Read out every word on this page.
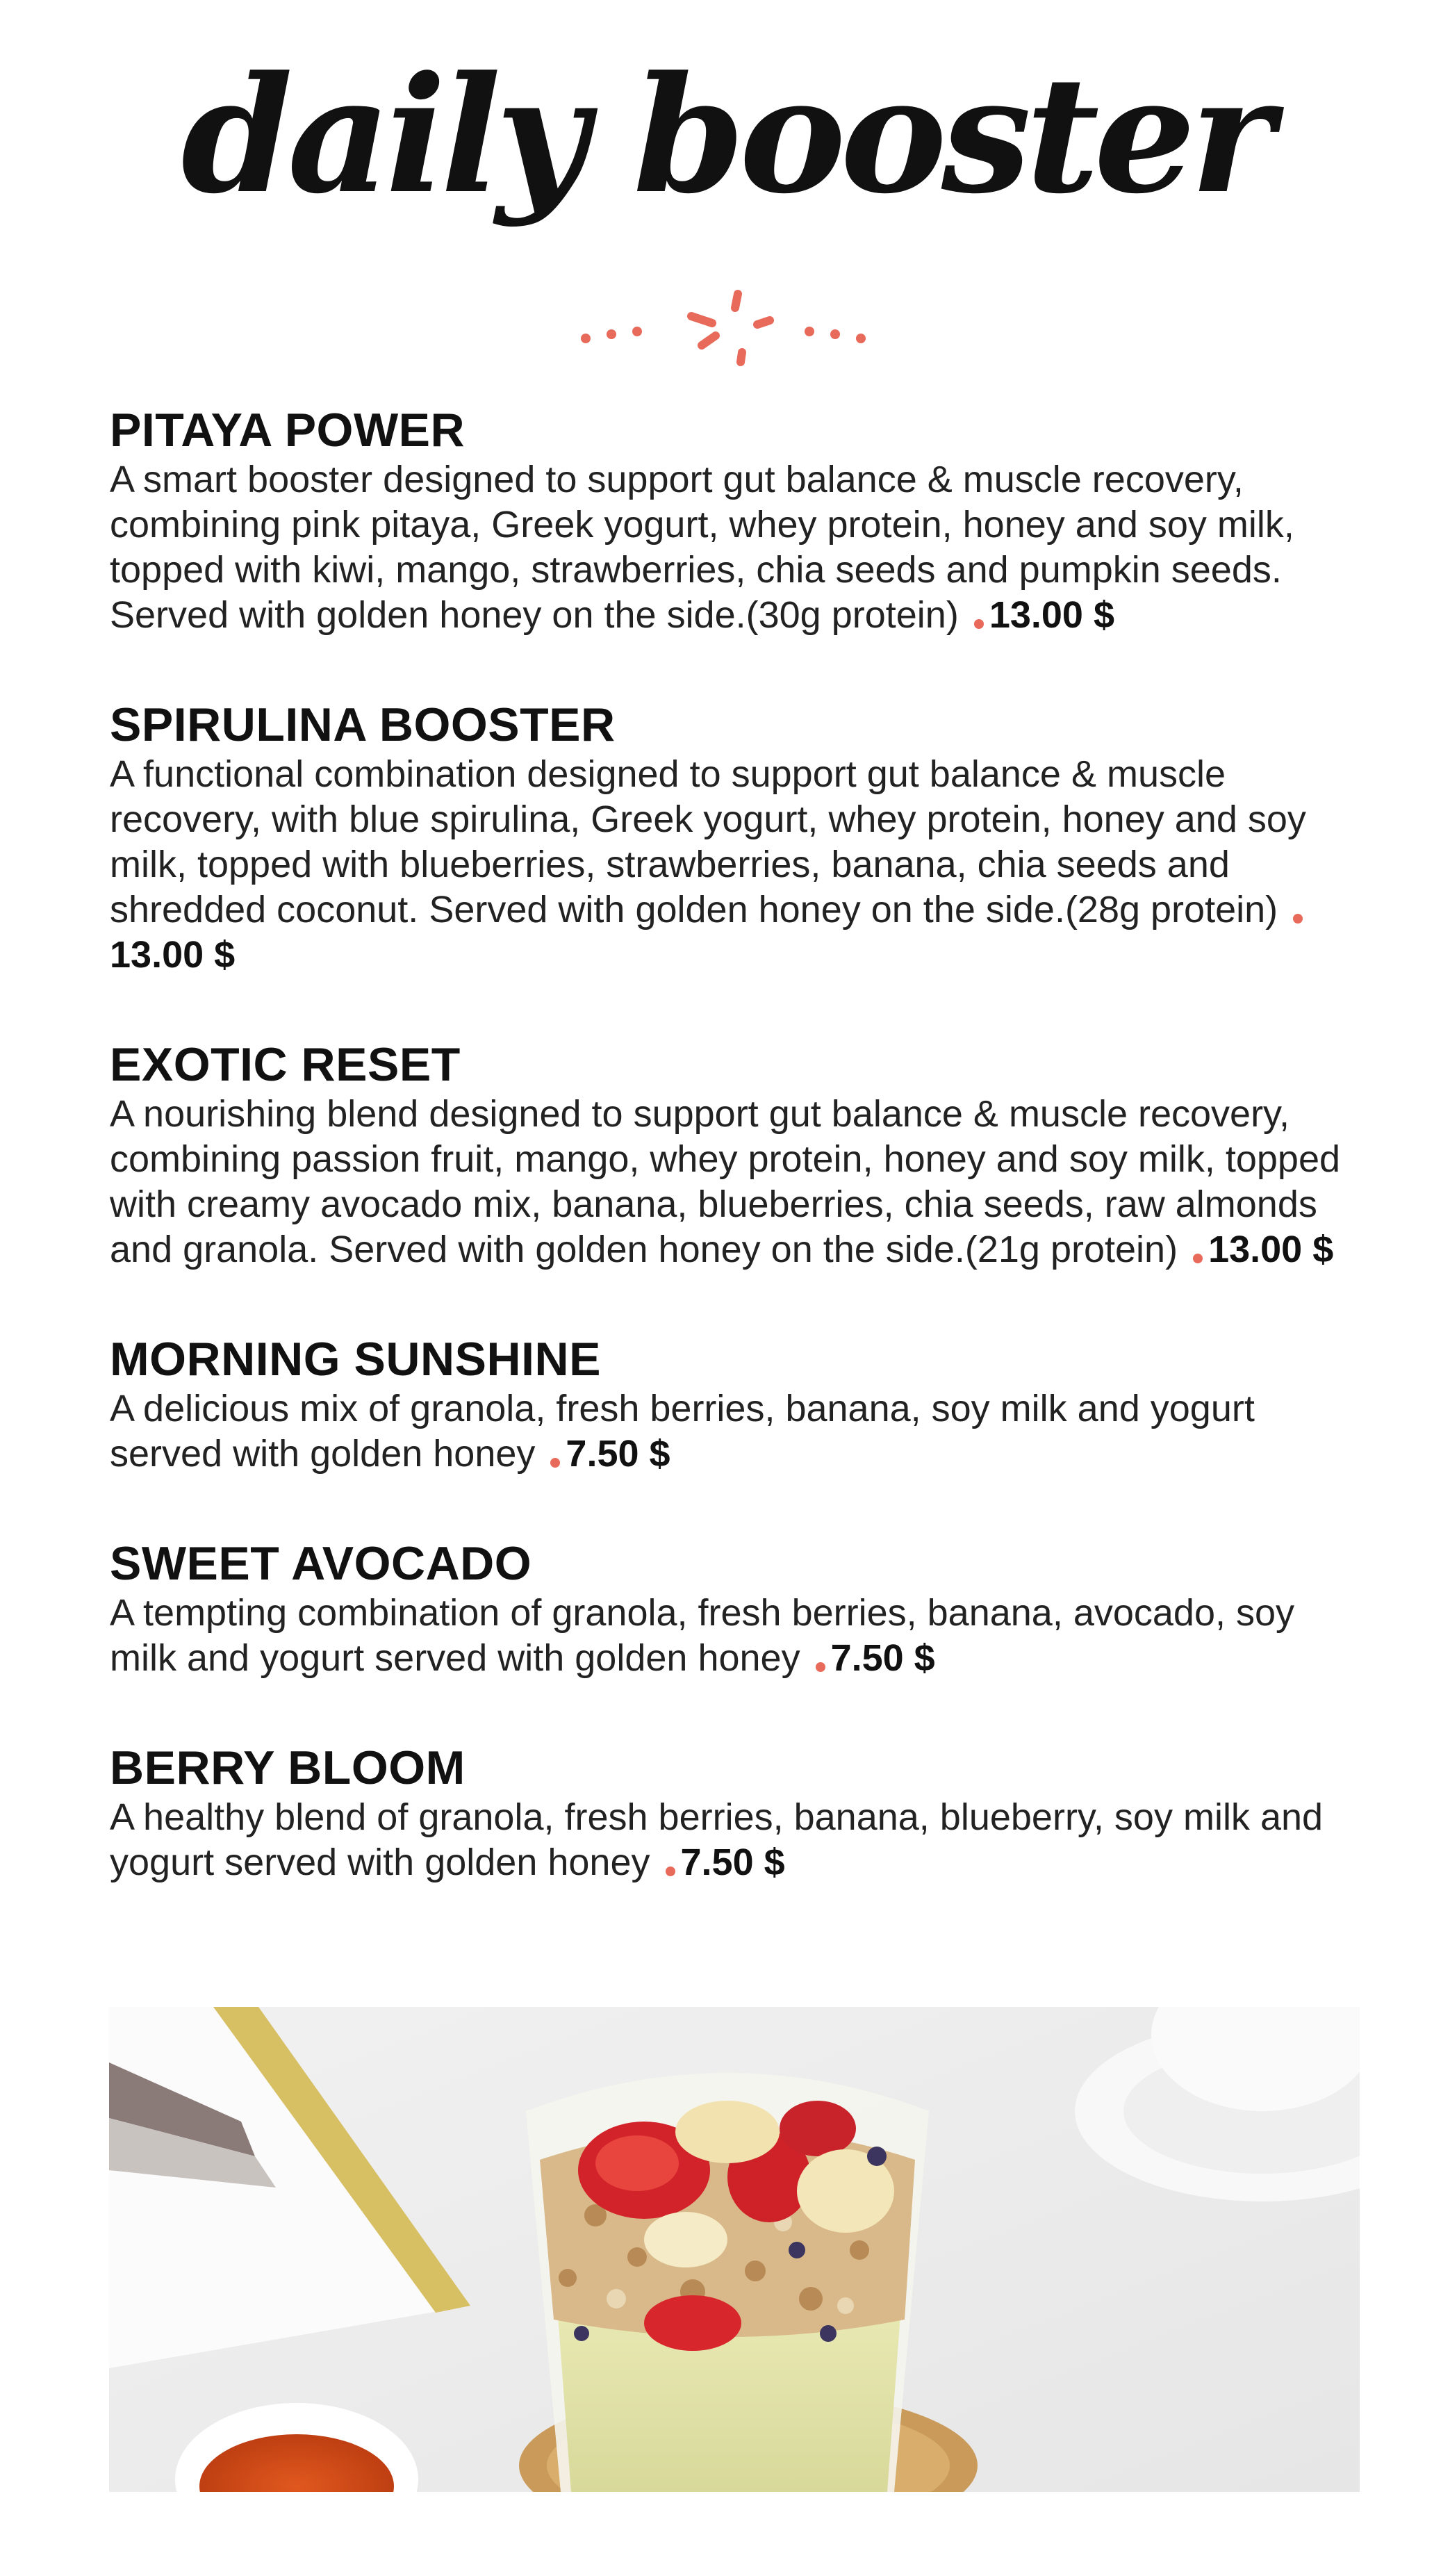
daily booster
PITAYA POWER
A smart booster designed to support gut balance & muscle recovery, combining pink pitaya, Greek yogurt, whey protein, honey and soy milk, topped with kiwi, mango, strawberries, chia seeds and pumpkin seeds. Served with golden honey on the side.(30g protein) 13.00 $
SPIRULINA BOOSTER
A functional combination designed to support gut balance & muscle recovery, with blue spirulina, Greek yogurt, whey protein, honey and soy milk, topped with blueberries, strawberries, banana, chia seeds and shredded coconut. Served with golden honey on the side.(28g protein)13.00 $
EXOTIC RESET
A nourishing blend designed to support gut balance & muscle recovery, combining passion fruit, mango, whey protein, honey and soy milk, topped with creamy avocado mix, banana, blueberries, chia seeds, raw almonds and granola. Served with golden honey on the side.(21g protein) 13.00 $
MORNING SUNSHINE
A delicious mix of granola, fresh berries, banana, soy milk and yogurt served with golden honey 7.50 $
SWEET AVOCADO
A tempting combination of granola, fresh berries, banana, avocado, soy milk and yogurt served with golden honey 7.50 $
BERRY BLOOM
A healthy blend of granola, fresh berries, banana, blueberry, soy milk and yogurt served with golden honey 7.50 $
